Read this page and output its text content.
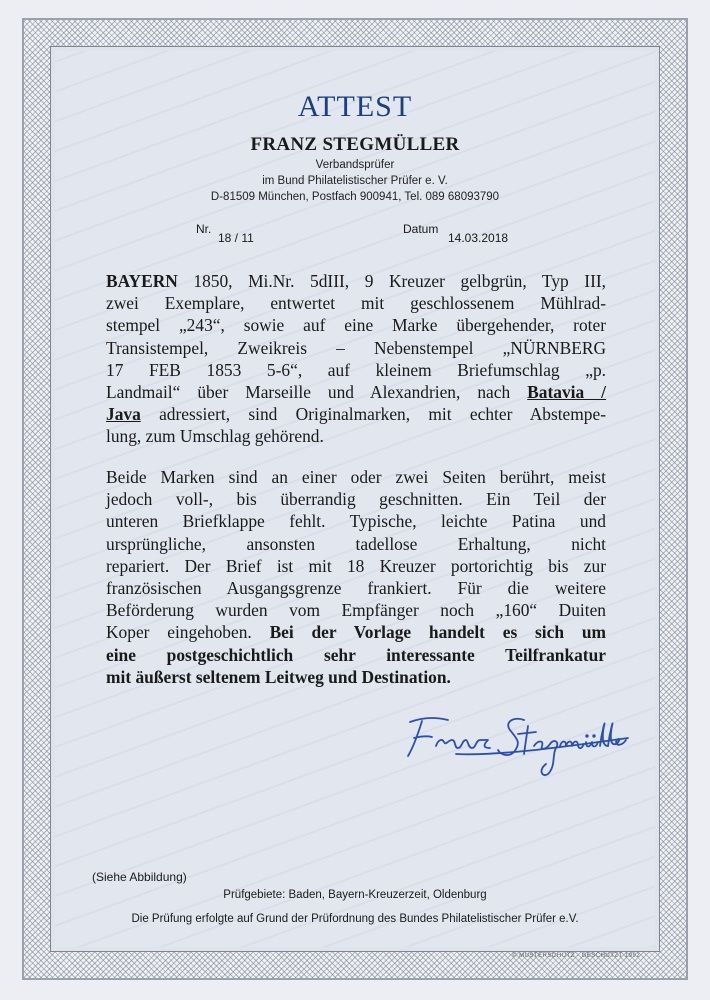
ATTEST
FRANZ STEGMÜLLER
Verbandsprüfer
im Bund Philatelistischer Prüfer e. V.
D-81509 München, Postfach 900941, Tel. 089 68093790
Nr.
18 / 11
Datum
14.03.2018
BAYERN 1850, Mi.Nr. 5dIII, 9 Kreuzer gelbgrün, Typ III,
zwei Exemplare, entwertet mit geschlossenem Mühlrad-
stempel „243“, sowie auf eine Marke übergehender, roter
Transistempel, Zweikreis – Nebenstempel „NÜRNBERG
17 FEB 1853 5-6“, auf kleinem Briefumschlag „p.
Landmail“ über Marseille und Alexandrien, nach Batavia /
Java adressiert, sind Originalmarken, mit echter Abstempe-
lung, zum Umschlag gehörend.
Beide Marken sind an einer oder zwei Seiten berührt, meist
jedoch voll-, bis überrandig geschnitten. Ein Teil der
unteren Briefklappe fehlt. Typische, leichte Patina und
ursprüngliche, ansonsten tadellose Erhaltung, nicht
repariert. Der Brief ist mit 18 Kreuzer portorichtig bis zur
französischen Ausgangsgrenze frankiert. Für die weitere
Beförderung wurden vom Empfänger noch „160“ Duiten
Koper eingehoben. Bei der Vorlage handelt es sich um
eine postgeschichtlich sehr interessante Teilfrankatur
mit äußerst seltenem Leitweg und Destination.
(Siehe Abbildung)
Prüfgebiete: Baden, Bayern-Kreuzerzeit, Oldenburg
Die Prüfung erfolgte auf Grund der Prüfordnung des Bundes Philatelistischer Prüfer e.V.
© MUSTERSCHUTZ · GESCHÜTZT 1992
